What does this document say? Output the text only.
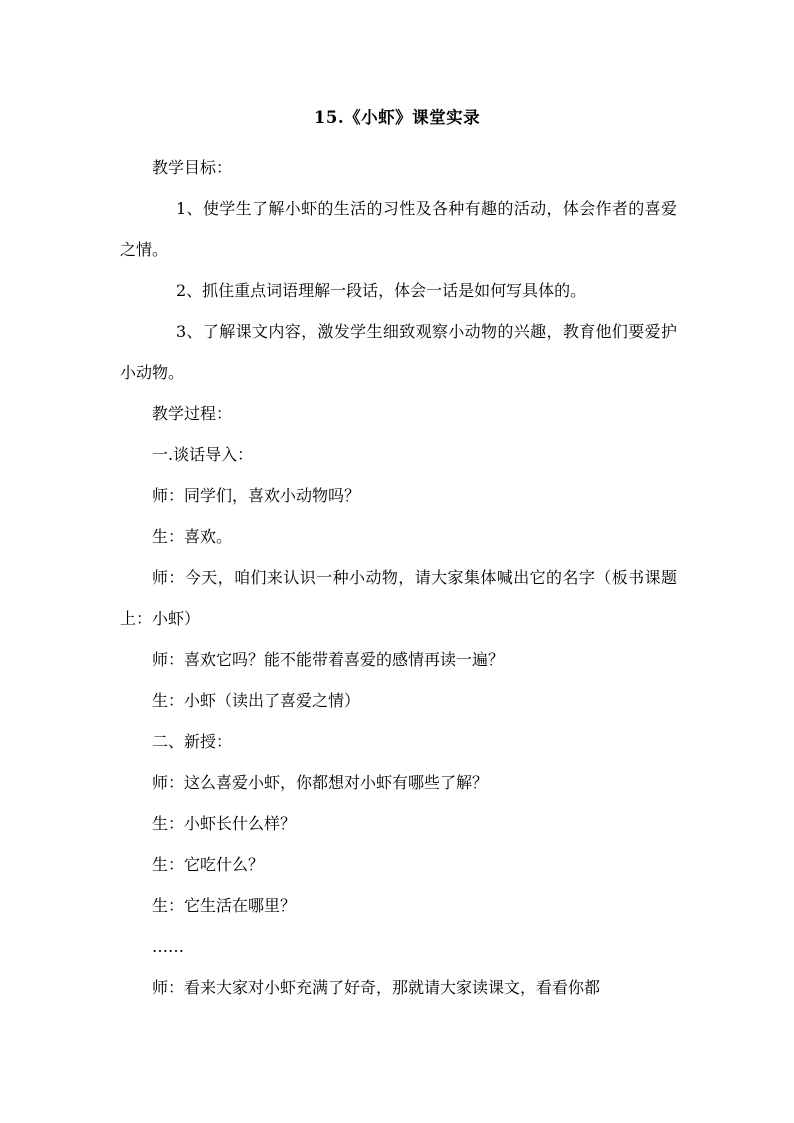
15.《小虾》课堂实录

教学目标：

1、使学生了解小虾的生活的习性及各种有趣的活动，体会作者的喜爱之情。

2、抓住重点词语理解一段话，体会一话是如何写具体的。

3、了解课文内容，激发学生细致观察小动物的兴趣，教育他们要爱护小动物。

教学过程：

一.谈话导入：

师：同学们，喜欢小动物吗？

生：喜欢。

师：今天，咱们来认识一种小动物，请大家集体喊出它的名字（板书课题上：小虾）

师：喜欢它吗？能不能带着喜爱的感情再读一遍？

生：小虾（读出了喜爱之情）

二、新授：

师：这么喜爱小虾，你都想对小虾有哪些了解？

生：小虾长什么样？

生：它吃什么？

生：它生活在哪里？

……

师：看来大家对小虾充满了好奇，那就请大家读课文，看看你都
